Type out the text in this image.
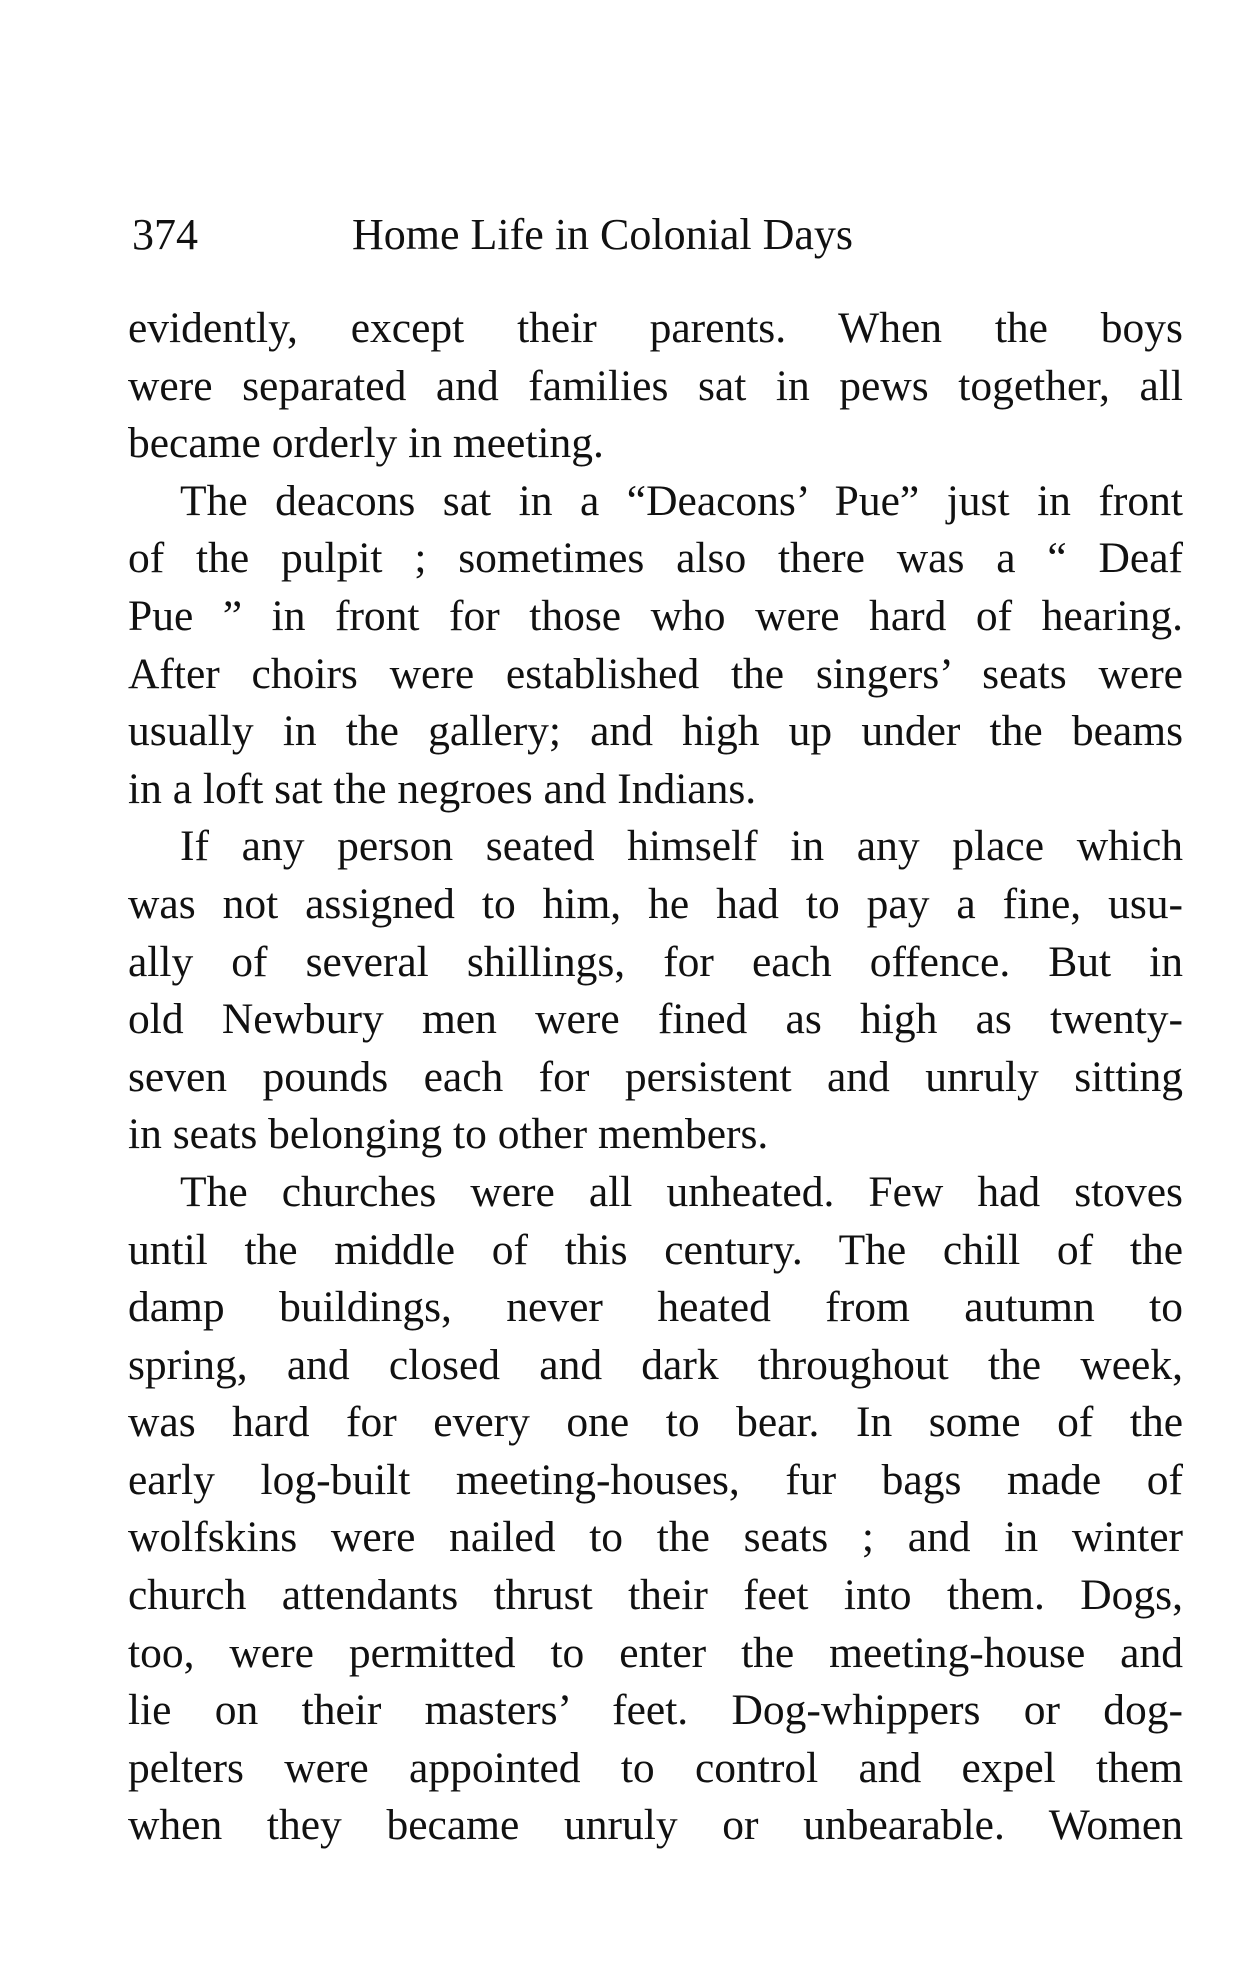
374	Home Life in Colonial Days
evidently, except their parents. When the boys
were separated and families sat in pews together, all
became orderly in meeting.
The deacons sat in a “Deacons’ Pue” just in front
of the pulpit ; sometimes also there was a “ Deaf
Pue ” in front for those who were hard of hearing.
After choirs were established the singers’ seats were
usually in the gallery; and high up under the beams
in a loft sat the negroes and Indians.
If any person seated himself in any place which
was not assigned to him, he had to pay a fine, usu-
ally of several shillings, for each offence. But in
old Newbury men were fined as high as twenty-
seven pounds each for persistent and unruly sitting
in seats belonging to other members.
The churches were all unheated. Few had stoves
until the middle of this century. The chill of the
damp buildings, never heated from autumn to
spring, and closed and dark throughout the week,
was hard for every one to bear. In some of the
early log-built meeting-houses, fur bags made of
wolfskins were nailed to the seats ; and in winter
church attendants thrust their feet into them. Dogs,
too, were permitted to enter the meeting-house and
lie on their masters’ feet. Dog-whippers or dog-
pelters were appointed to control and expel them
when they became unruly or unbearable. Women
